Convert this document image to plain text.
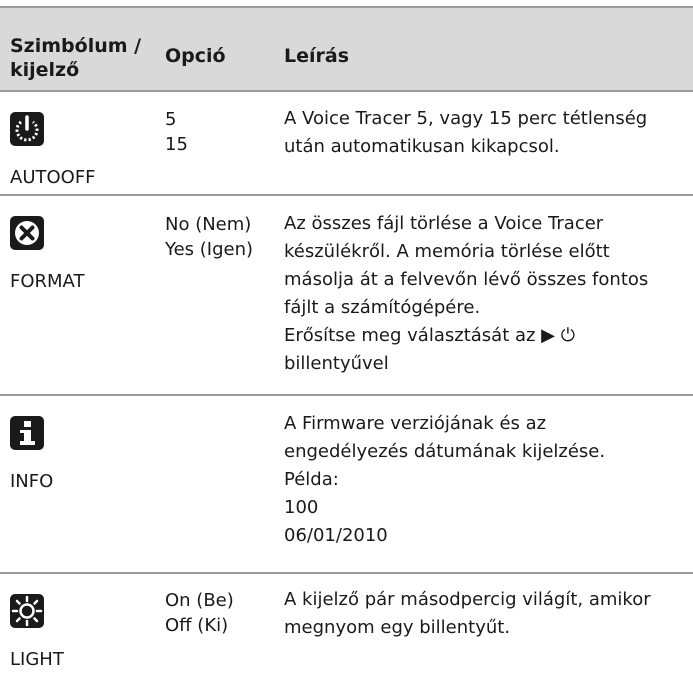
Szimbólum /
kijelző
Opció	Leírás
AUTOOFF
5
15
A Voice Tracer 5, vagy 15 perc tétlenség
után automatikusan kikapcsol.
FORMAT
No (Nem)
Yes (Igen)
Az összes fájl törlése a Voice Tracer
készülékről. A memória törlése előtt
másolja át a felvevőn lévő összes fontos
fájlt a számítógépére.
Erősítse meg választását az ▶ ⏻
billentyűvel
INFO
A Firmware verziójának és az
engedélyezés dátumának kijelzése.
Példa:
100
06/01/2010
LIGHT
On (Be)
Off (Ki)
A kijelző pár másodpercig világít, amikor
megnyom egy billentyűt.
